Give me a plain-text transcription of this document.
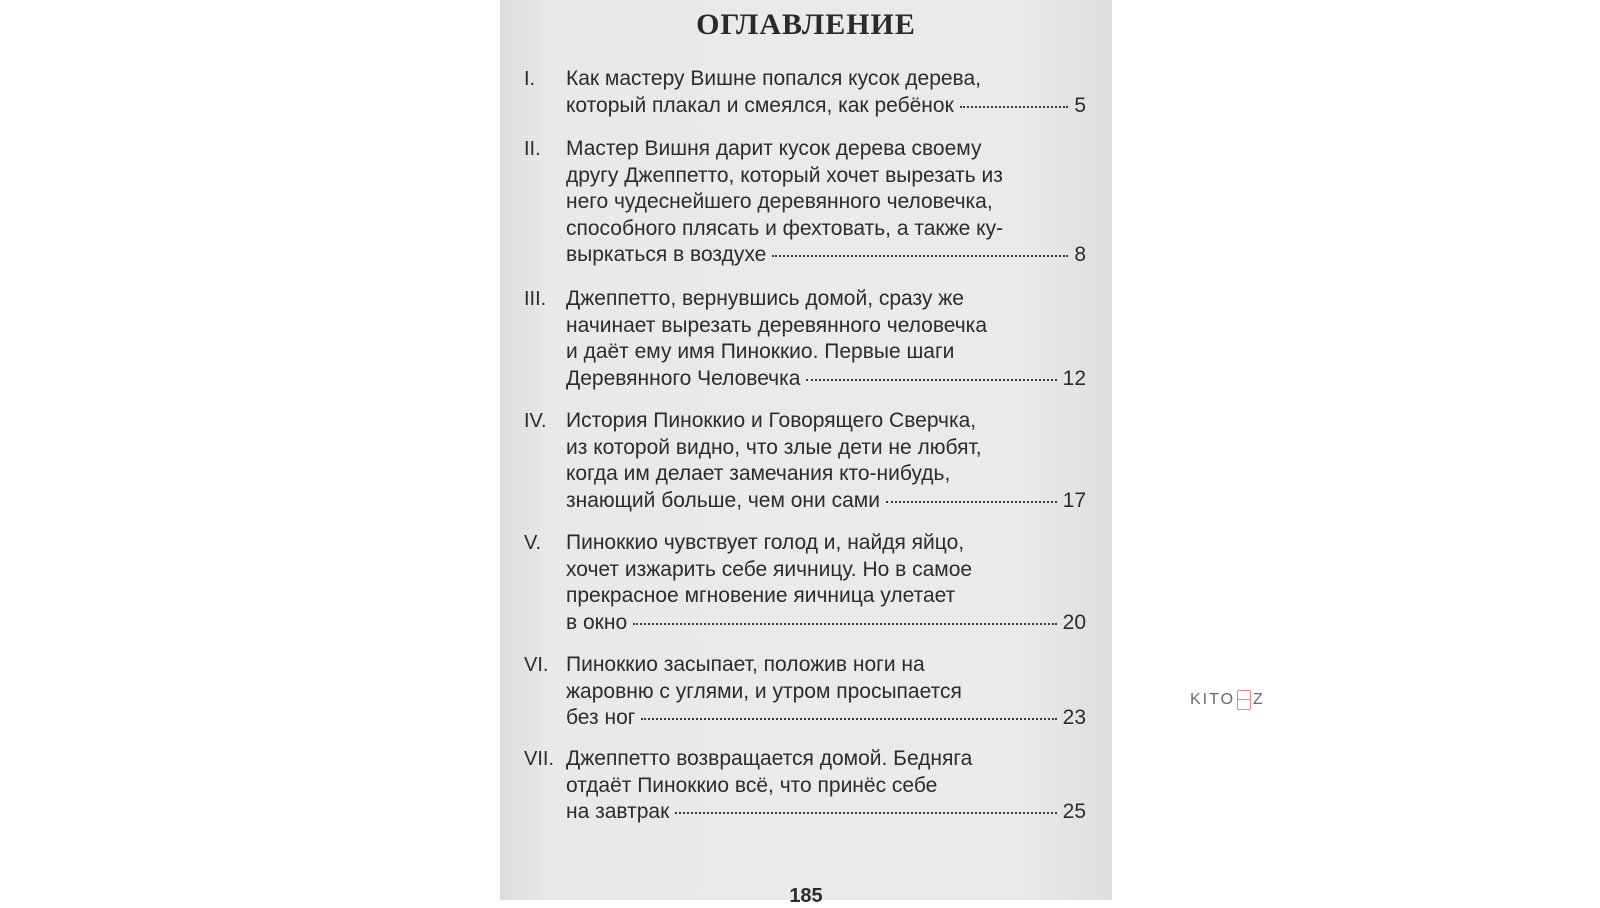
ОГЛАВЛЕНИЕ
I.	Как мастеру Вишне попался кусок дерева,
который плакал и смеялся, как ребёнок	5
II.	Мастер Вишня дарит кусок дерева своему
другу Джеппетто, который хочет вырезать из
него чудеснейшего деревянного человечка,
способного плясать и фехтовать, а также ку-
выркаться в воздухе	8
III. Джеппетто, вернувшись домой, сразу же
начинает вырезать деревянного человечка
и даёт ему имя Пиноккио. Первые шаги
Деревянного Человечка	12
IV. История Пиноккио и Говорящего Сверчка,
из которой видно, что злые дети не любят,
когда им делает замечания кто-нибудь,
знающий больше, чем они сами	17
V.	Пиноккио чувствует голод и, найдя яйцо,
хочет изжарить себе яичницу. Но в самое
прекрасное мгновение яичница улетает
в окно	20
VI. Пиноккио засыпает, положив ноги на
жаровню с углями, и утром просыпается
без ног	23
VII. Джеппетто возвращается домой. Бедняга
отдаёт Пиноккио всё, что принёс себе
на завтрак	25
185
KITO Z
